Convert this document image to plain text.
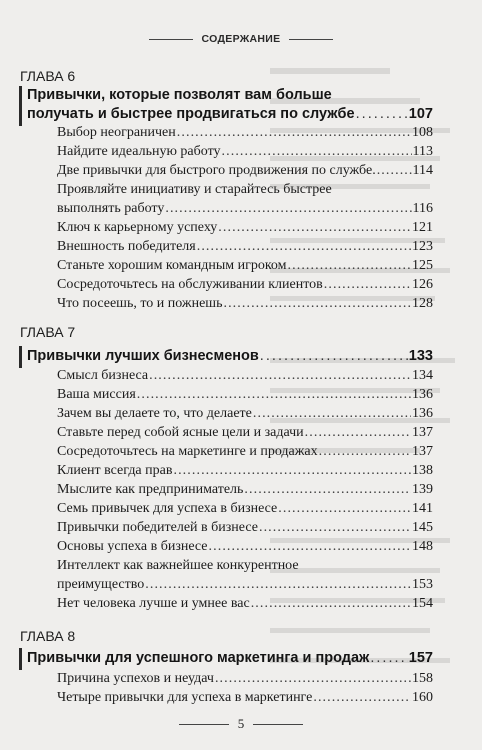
СОДЕРЖАНИЕ
ГЛАВА 6
Привычки, которые позволят вам больше
получать и быстрее продвигаться по службе . . .	107
Выбор неограничен . . .	108
Найдите идеальную работу . . .	113
Две привычки для быстрого продвижения по службе. . . .	114
Проявляйте инициативу и старайтесь быстрее
выполнять работу . . .	116
Ключ к карьерному успеху . . .	121
Внешность победителя . . .	123
Станьте хорошим командным игроком . . .	125
Сосредоточьтесь на обслуживании клиентов . . .	126
Что посеешь, то и пожнешь . . .	128
ГЛАВА 7
Привычки лучших бизнесменов . . .	133
Смысл бизнеса . . .	134
Ваша миссия . . .	136
Зачем вы делаете то, что делаете . . .	136
Ставьте перед собой ясные цели и задачи . . .	137
Сосредоточьтесь на маркетинге и продажах . . .	137
Клиент всегда прав . . .	138
Мыслите как предприниматель . . .	139
Семь привычек для успеха в бизнесе . . .	141
Привычки победителей в бизнесе . . .	145
Основы успеха в бизнесе . . .	148
Интеллект как важнейшее конкурентное
преимущество . . .	153
Нет человека лучше и умнее вас . . .	154
ГЛАВА 8
Привычки для успешного маркетинга и продаж . . .	157
Причина успехов и неудач . . .	158
Четыре привычки для успеха в маркетинге . . .	160
5
